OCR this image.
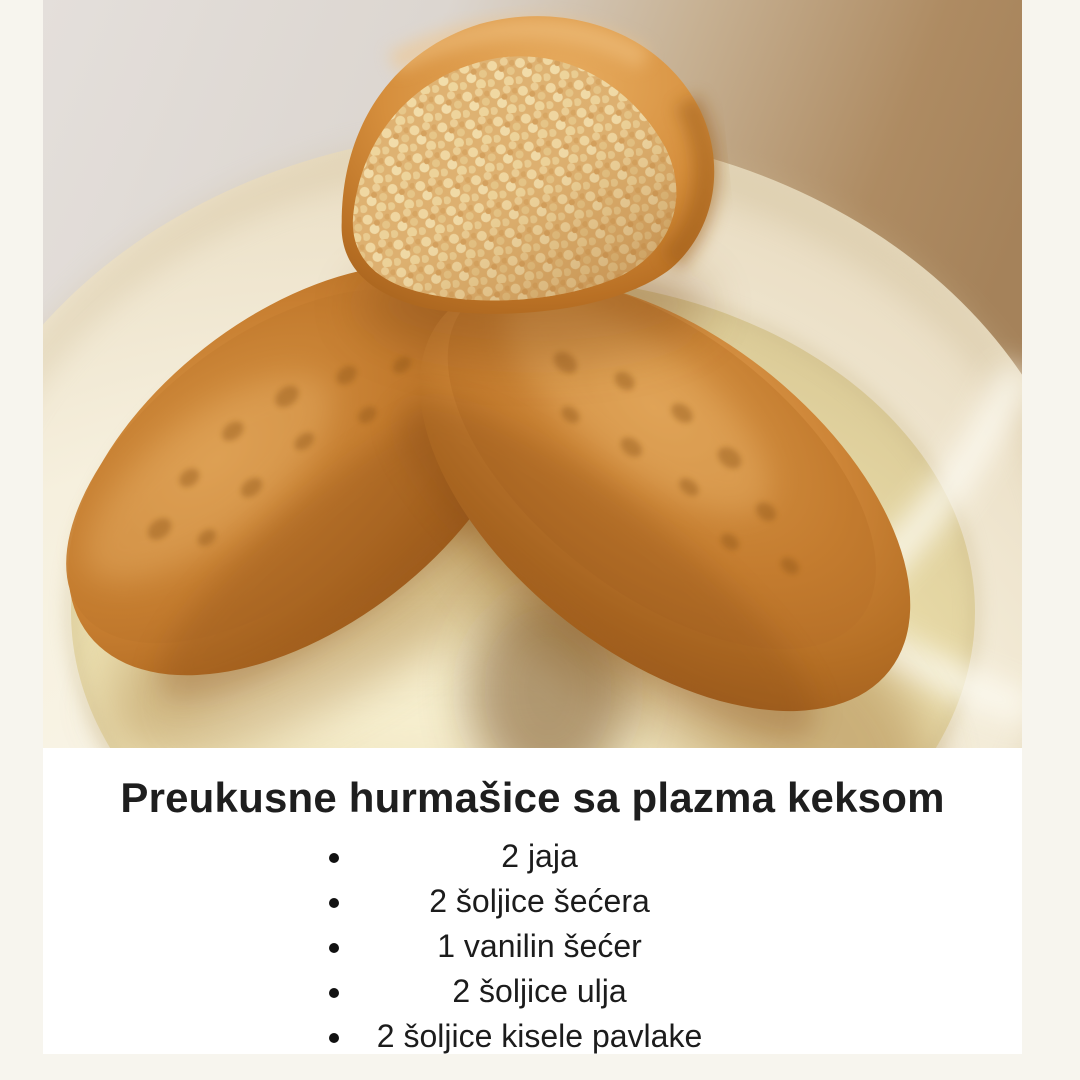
Preukusne hurmašice sa plazma keksom
• 2 jaja
• 2 šoljice šećera
• 1 vanilin šećer
• 2 šoljice ulja
• 2 šoljice kisele pavlake
